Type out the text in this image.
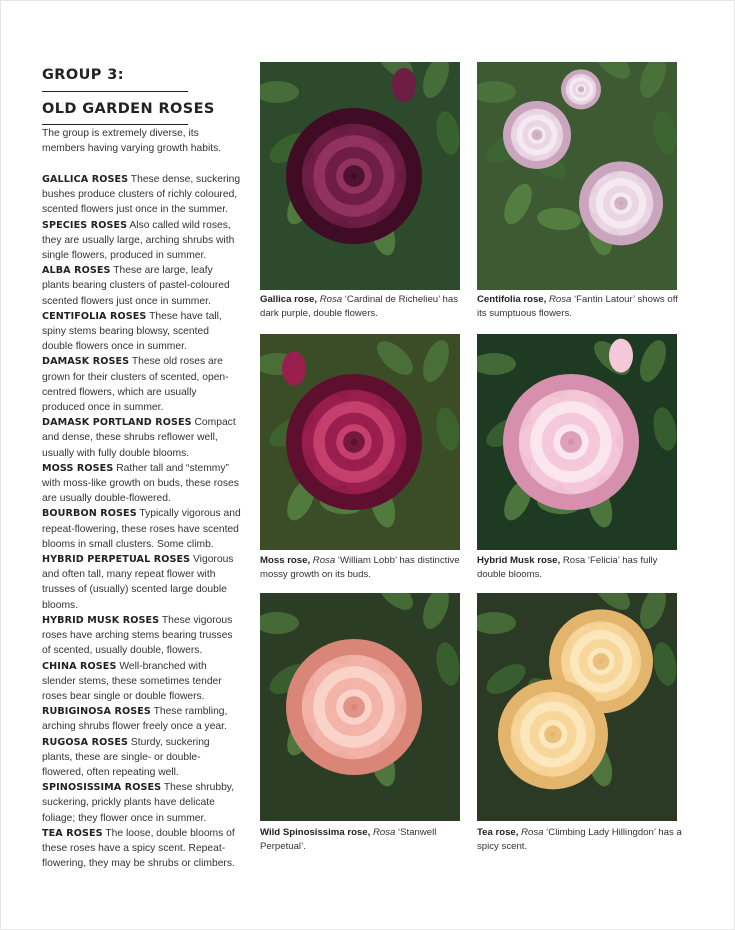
GROUP 3:
OLD GARDEN ROSES
The group is extremely diverse, its members having varying growth habits.

GALLICA ROSES These dense, suckering bushes produce clusters of richly coloured, scented flowers just once in the summer.

SPECIES ROSES Also called wild roses, they are usually large, arching shrubs with single flowers, produced in summer.

ALBA ROSES These are large, leafy plants bearing clusters of pastel-coloured scented flowers just once in summer.

CENTIFOLIA ROSES These have tall, spiny stems bearing blowsy, scented double flowers once in summer.

DAMASK ROSES These old roses are grown for their clusters of scented, open-centred flowers, which are usually produced once in summer.

DAMASK PORTLAND ROSES Compact and dense, these shrubs reflower well, usually with fully double blooms.

MOSS ROSES Rather tall and “stemmy” with moss-like growth on buds, these roses are usually double-flowered.

BOURBON ROSES Typically vigorous and repeat-flowering, these roses have scented blooms in small clusters. Some climb.

HYBRID PERPETUAL ROSES Vigorous and often tall, many repeat flower with trusses of (usually) scented large double blooms.

HYBRID MUSK ROSES These vigorous roses have arching stems bearing trusses of scented, usually double, flowers.

CHINA ROSES Well-branched with slender stems, these sometimes tender roses bear single or double flowers.

RUBIGINOSA ROSES These rambling, arching shrubs flower freely once a year.

RUGOSA ROSES Sturdy, suckering plants, these are single- or double-flowered, often repeating well.

SPINOSISSIMA ROSES These shrubby, suckering, prickly plants have delicate foliage; they flower once in summer.

TEA ROSES The loose, double blooms of these roses have a spicy scent. Repeat-flowering, they may be shrubs or climbers.

Gallica rose, Rosa ‘Cardinal de Richelieu’ has dark purple, double flowers.
Centifolia rose, Rosa ‘Fantin Latour’ shows off its sumptuous flowers.
Moss rose, Rosa ‘William Lobb’ has distinctive mossy growth on its buds.
Hybrid Musk rose, Rosa ‘Felicia’ has fully double blooms.
Wild Spinosissima rose, Rosa ‘Stanwell Perpetual’.
Tea rose, Rosa ‘Climbing Lady Hillingdon’ has a spicy scent.
